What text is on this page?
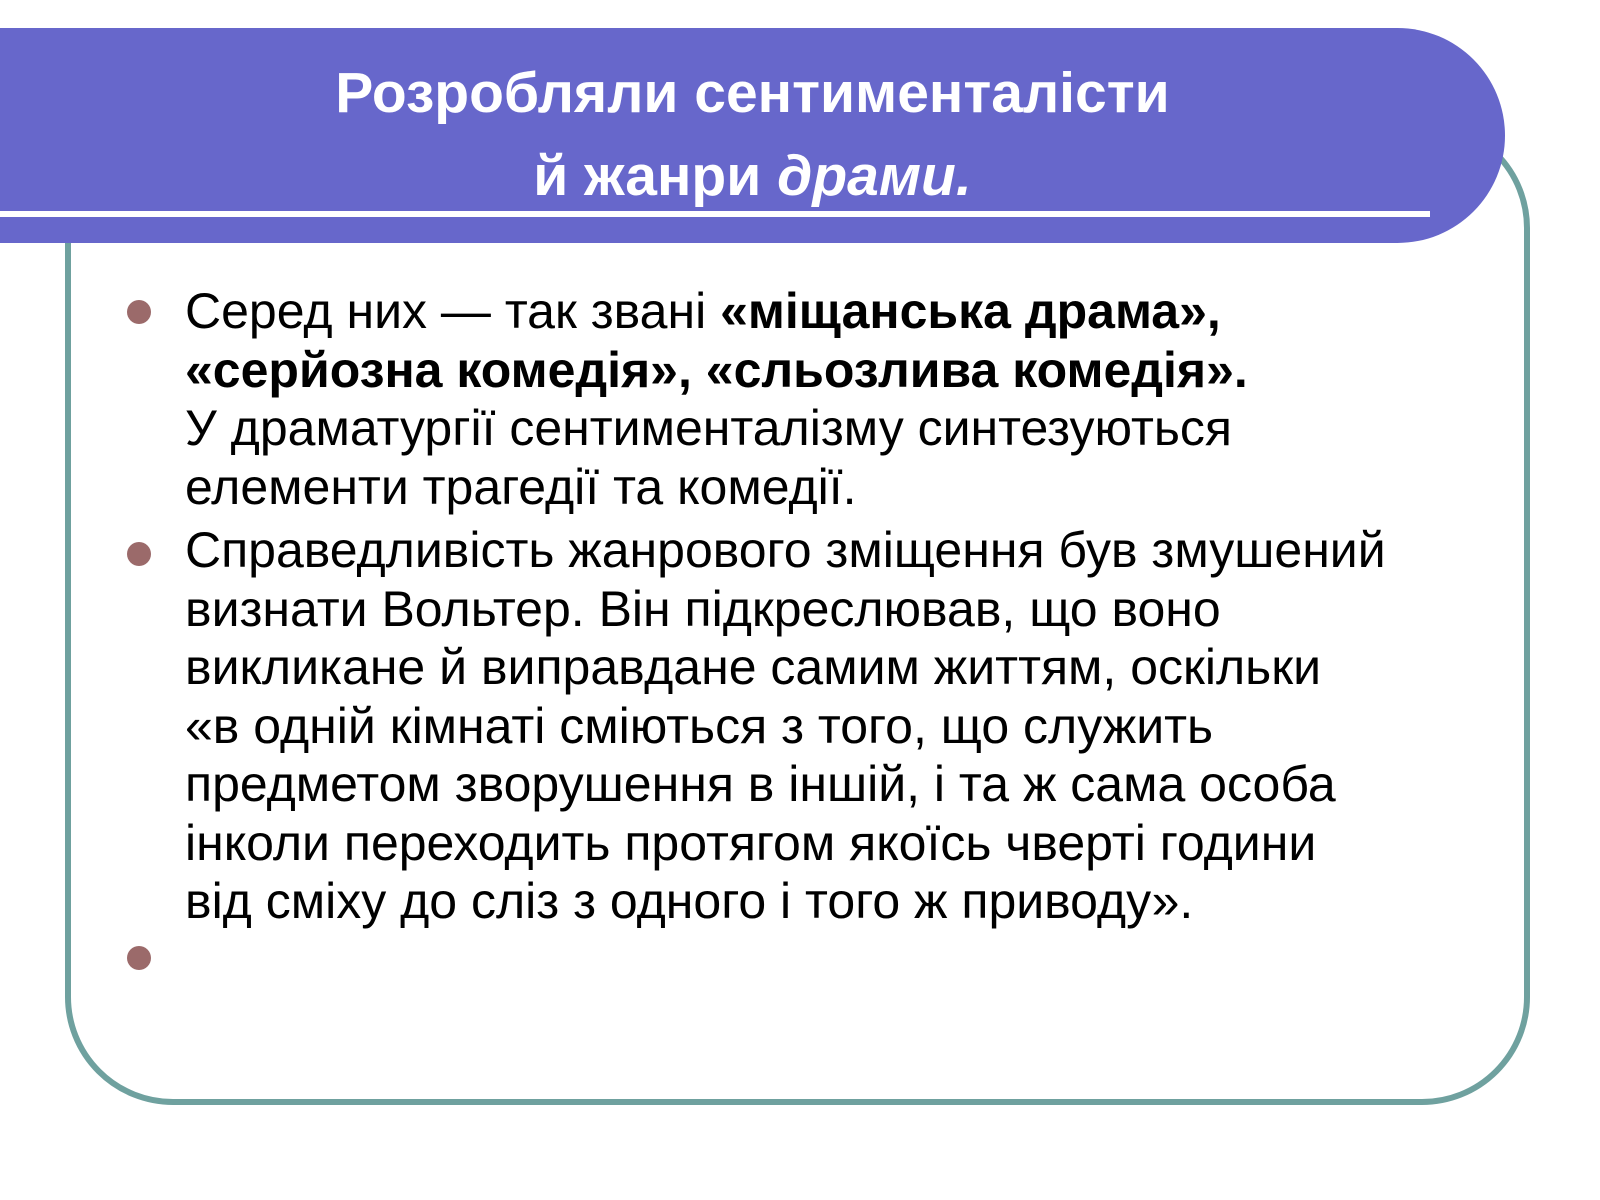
Розробляли сентименталісти
й жанри драми.
Серед них — так звані «міщанська драма»,
«серйозна комедія», «сльозлива комедія».
У драматургії сентименталізму синтезуються
елементи трагедії та комедії.
Справедливість жанрового зміщення був змушений
визнати Вольтер. Він підкреслював, що воно
викликане й виправдане самим життям, оскільки
«в одній кімнаті сміються з того, що служить
предметом зворушення в іншій, і та ж сама особа
інколи переходить протягом якоїсь чверті години
від сміху до сліз з одного і того ж приводу».
